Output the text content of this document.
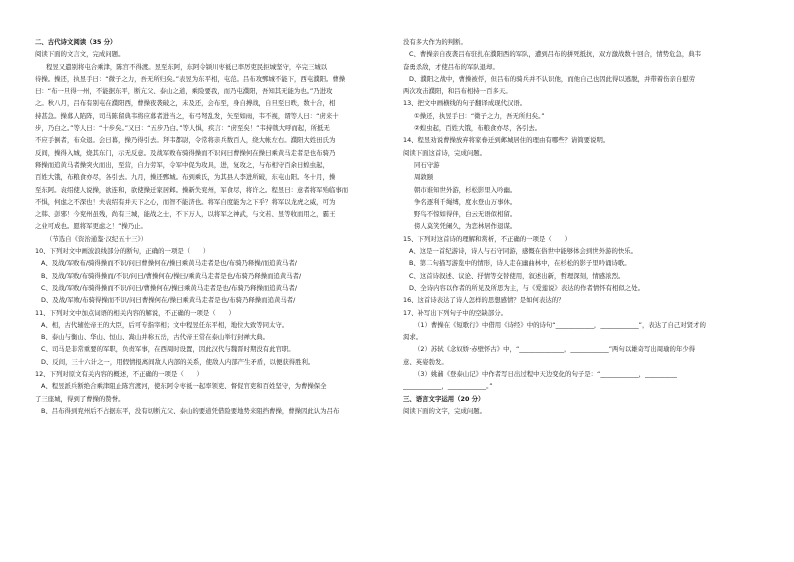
二、古代诗文阅读（35 分）

阅读下面的文言文，完成问题。

程昱又遣别将屯合乘津，陈宫不得渡。昱至东阿，东阿令颍川枣祗已率厉吏民拒城坚守，卒完三城以

待操。操还，执昱手曰：“微子之力，吾无所归矣。”表昱为东平相，屯范。吕布攻鄄城不能下，西屯濮阳。曹操

曰：“布一旦得一州，不能据东平，断亢父、泰山之道，乘险要我，而乃屯濮阳，吾知其无能为也。”乃进攻

之。秋八月，吕布有别屯在濮阳西，曹操夜袭破之，未及还，会布至，身自搏战，自旦至日昳，数十合，相

持甚急。操募人陷阵，司马陈留典韦将应募者进当之，布弓弩乱发，矢至如雨，韦不视，谓等人曰：“虏来十

步，乃白之。”等人曰：“十步矣。”又曰：“五步乃白。”等人惧，疾言：“虏至矣！”韦持戟大呼而起，所抵无

不应手倒者，布众退。会日暮，操乃得引去。拜韦都尉，令常将亲兵数百人，绕大帐左右。濮阳大姓田氏为

反间，操得入城，烧其东门，示无反意。及战军败布骑得操而不识问曰曹操何在操曰乘黄马走者是也布骑乃

释操而追黄马者操突火而出，至营，自力劳军，令军中促为攻具，进，复攻之，与布相守百余日蝗虫起，

百姓大饿，布粮食亦尽，各引去。九月，操还鄄城。布到乘氏，为其县人李进所破，东屯山阳。冬十月，操

至东阿。袁绍使人说操，欲连和，欲使操迁家居邺。操新失兖州，军食尽，将许之。程昱曰：意者将军殆临事而

不惧，何虑之不深也！夫袁绍有并天下之心，而智不能济也。将军自度能为之下乎？将军以龙虎之威，可为

之韩、彭邪！今兖州虽残，尚有三城，能战之士，不下万人，以将军之神武，与文若、昱等收而用之，霸王

之业可成也。愿将军更虑之！”操乃止。

（节选自《资治通鉴·汉纪五十三》）

10、下列对文中画波浪线部分的断句，正确的一项是（　　）

A、及战/军败布/骑得操而不识/问曰曹操何在/操曰乘黄马走者是也/布骑乃释操/而追黄马者/

B、及战/军败/布骑得操而/不识/问曰/曹操何在/操曰/乘黄马走者是也/布骑乃释操而追黄马者/

C、及战/军败/布骑得操而不识/问曰/曹操何在/操曰乘黄马走者是也/布骑乃释操而追黄马者/

D、及战/军败/布骑得操而不识/问曰曹操何在/操曰乘黄马走者是也/布骑乃释操而追黄马者/

11、下列对文中加点词语的相关内容的解说，不正确的一项是（　　）

A、相，古代辅佐帝王的大臣，后可专指宰相；文中程昱任东平相，地位大致等同太守。

B、泰山与衡山、华山、恒山、嵩山并称五岳，古代帝王常在泰山举行封禅大典。

C、司马是非常重要的军职，负责军事，在西周时设置，因此汉代与魏晋时期没有此官职。

D、反间，三十六计之一，用假情报离间敌人内部的关系，使敌人内部产生矛盾，以便获得胜利。

12、下列对原文有关内容的概述，不正确的一项是（　　）

A、程昱派兵断绝合乘津阻止陈宫渡河，使东阿令枣祗一起率领吏、督促官吏和百姓坚守，为曹操保全

了三座城，得到了曹操的赞誉。

B、吕布得到兖州后不占据东平，没有切断亢父、泰山的要道凭借险要地势来阻挡曹操，曹操因此认为吕布

没有多大作为的判断。

C、曹操亲自夜袭吕布驻扎在濮阳西的军队，遭到吕布的拼死抵抗，双方激战数十回合，情势危急，典韦

奋勇杀敌，才使吕布的军队退却。

D、濮阳之战中，曹操被俘，但吕布的骑兵并不认识他，而他自己也因此得以逃脱，并带着伤亲自慰劳

两次攻击濮阳，和吕布相持一百多天。

13、把文中画横线的句子翻译成现代汉语。

①操还，执昱手曰：“微子之力，吾无所归矣。”

②蝗虫起，百姓大饿，布粮食亦尽，各引去。

14、程昱劝说曹操放弃将家眷迁到邺城居住的理由有哪些？请简要说明。

阅读下面这首诗，完成问题。

同石守游

周敦颐

朝市谁知世外游，杉松影里入吟幽。

争名逐利千绳缚，度水登山万事休。

野鸟不惊如得伴，白云无语似相留。

傍人莫笑凭阑久，为恋林居作退谋。

15、下列对这首诗的理解和赏析，不正确的一项是（　　）

A、这是一首纪游诗，诗人与石守同游，感慨在俗世中能够体会到世外游的快乐。

B、第二句描写游览中的情形，诗人走在幽曲林中，在杉松的影子里吟诵诗歌。

C、这首诗叙述、议论、抒情等交替使用，叙述出新，哲理深刻，情感浓烈。

D、全诗内容以作者的所见及所思为主，与《爱莲说》表达的作者情怀有相似之处。

16、这首诗表达了诗人怎样的思想感情？是如何表达的？

17、补写出下列句子中的空缺部分。

（1）曹操在《短歌行》中借用《诗经》中的诗句“____________，____________”，表达了自己对贤才的

渴求。

（2）苏轼《念奴娇·赤壁怀古》中，“______________，____________”两句以雄奇写出周瑜的年少得

意、英姿勃发。

（3）姚鼐《登泰山记》中作者写日出过程中天边变化的句子是：“____________，__________

____________，____________。”

三、语言文字运用（20 分）

阅读下面的文字，完成问题。
